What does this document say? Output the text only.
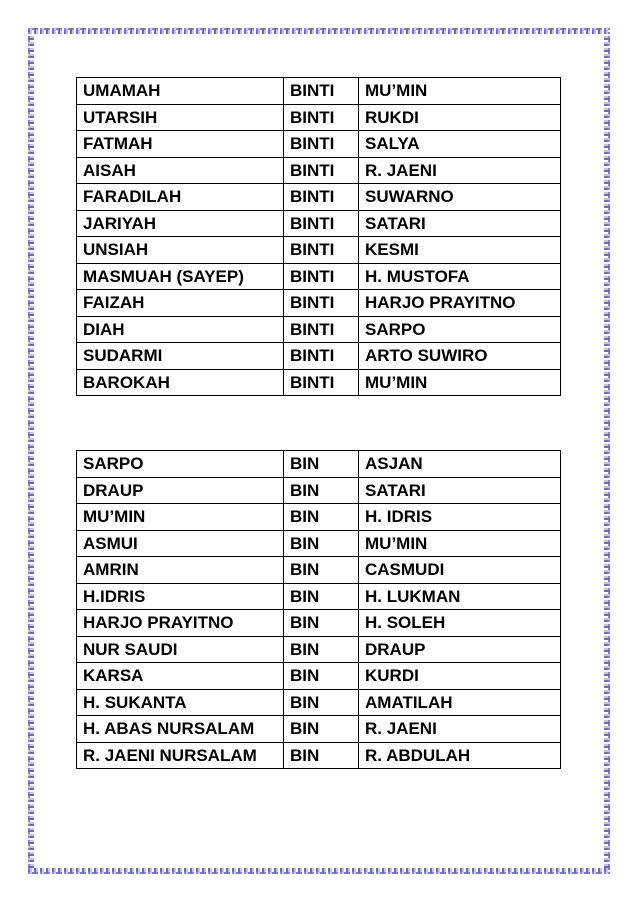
UMAMAH	BINTI	MU’MIN
UTARSIH	BINTI	RUKDI
FATMAH	BINTI	SALYA
AISAH	BINTI	R. JAENI
FARADILAH	BINTI	SUWARNO
JARIYAH	BINTI	SATARI
UNSIAH	BINTI	KESMI
MASMUAH (SAYEP)	BINTI	H. MUSTOFA
FAIZAH	BINTI	HARJO PRAYITNO
DIAH	BINTI	SARPO
SUDARMI	BINTI	ARTO SUWIRO
BAROKAH	BINTI	MU’MIN
SARPO	BIN	ASJAN
DRAUP	BIN	SATARI
MU’MIN	BIN	H. IDRIS
ASMUI	BIN	MU’MIN
AMRIN	BIN	CASMUDI
H.IDRIS	BIN	H. LUKMAN
HARJO PRAYITNO	BIN	H. SOLEH
NUR SAUDI	BIN	DRAUP
KARSA	BIN	KURDI
H. SUKANTA	BIN	AMATILAH
H. ABAS NURSALAM	BIN	R. JAENI
R. JAENI NURSALAM	BIN	R. ABDULAH
